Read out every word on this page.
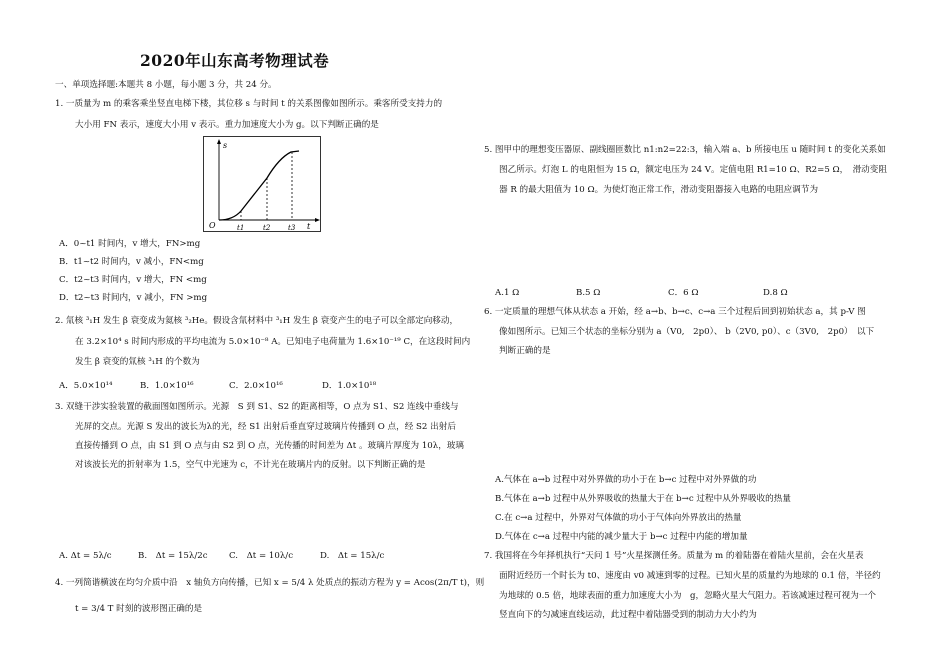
2020年山东高考物理试卷
一、单项选择题:本题共 8 小题，每小题 3 分，共 24 分。
1. 一质量为 m 的乘客乘坐竖直电梯下楼，其位移 s 与时间 t 的关系图像如图所示。乘客所受支持力的
大小用 FN 表示，速度大小用 v 表示。重力加速度大小为 g。以下判断正确的是
s
t
O	t1	t2	t3
A．0~t1 时间内，v 增大，FN>mg
B．t1~t2 时间内，v 减小，FN<mg
C．t2~t3 时间内，v 增大，FN <mg
D．t2~t3 时间内，v 减小，FN >mg
2. 氚核 ³₁H 发生 β 衰变成为氦核 ³₂He。假设含氚材料中 ³₁H 发生 β 衰变产生的电子可以全部定向移动，
在 3.2×10⁴ s 时间内形成的平均电流为 5.0×10⁻⁸ A。已知电子电荷量为 1.6×10⁻¹⁹ C，在这段时间内
发生 β 衰变的氚核 ³₁H 的个数为
A．5.0×10¹⁴	B．1.0×10¹⁶	C．2.0×10¹⁶	D．1.0×10¹⁸
3. 双缝干涉实验装置的截面图如图所示。光源　S 到 S1、S2 的距离相等，O 点为 S1、S2 连线中垂线与
光屏的交点。光源 S 发出的波长为λ的光，经 S1 出射后垂直穿过玻璃片传播到 O 点，经 S2 出射后
直接传播到 O 点，由 S1 到 O 点与由 S2 到 O 点，光传播的时间差为 Δt 。玻璃片厚度为 10λ，玻璃
对该波长光的折射率为 1.5，空气中光速为 c，不计光在玻璃片内的反射。以下判断正确的是
A. Δt = 5λ/c	B.　Δt = 15λ/2c C.　Δt = 10λ/c	D.　Δt = 15λ/c
4. 一列简谐横波在均匀介质中沿　x 轴负方向传播，已知 x = 5/4 λ 处质点的振动方程为 y = Acos(2π/T t)，则
t = 3/4 T 时刻的波形图正确的是
5. 图甲中的理想变压器原、副线圈匝数比 n1:n2=22:3，输入端 a、b 所接电压 u 随时间 t 的变化关系如
图乙所示。灯泡 L 的电阻恒为 15 Ω，额定电压为 24 V。定值电阻 R1=10 Ω、R2=5 Ω，　滑动变阻
器 R 的最大阻值为 10 Ω。为使灯泡正常工作，滑动变阻器接入电路的电阻应调节为
A.1 Ω	B.5 Ω	C．6 Ω	D.8 Ω
6. 一定质量的理想气体从状态 a 开始，经 a→b、b→c、c→a 三个过程后回到初始状态 a，其 p-V 图
像如图所示。已知三个状态的坐标分别为 a（V0,　2p0）、 b（2V0, p0）、c（3V0,　2p0）　以下
判断正确的是
A.气体在 a→b 过程中对外界做的功小于在 b→c 过程中对外界做的功
B.气体在 a→b 过程中从外界吸收的热量大于在 b→c 过程中从外界吸收的热量
C.在 c→a 过程中，外界对气体做的功小于气体向外界放出的热量
D.气体在 c→a 过程中内能的减少量大于 b→c 过程中内能的增加量
7. 我国将在今年择机执行“天问 1 号”火星探测任务。质量为 m 的着陆器在着陆火星前，会在火星表
面附近经历一个时长为 t0、速度由 v0 减速到零的过程。已知火星的质量约为地球的 0.1 倍，半径约
为地球的 0.5 倍，地球表面的重力加速度大小为　g，忽略火星大气阻力。若该减速过程可视为一个
竖直向下的匀减速直线运动，此过程中着陆器受到的制动力大小约为
